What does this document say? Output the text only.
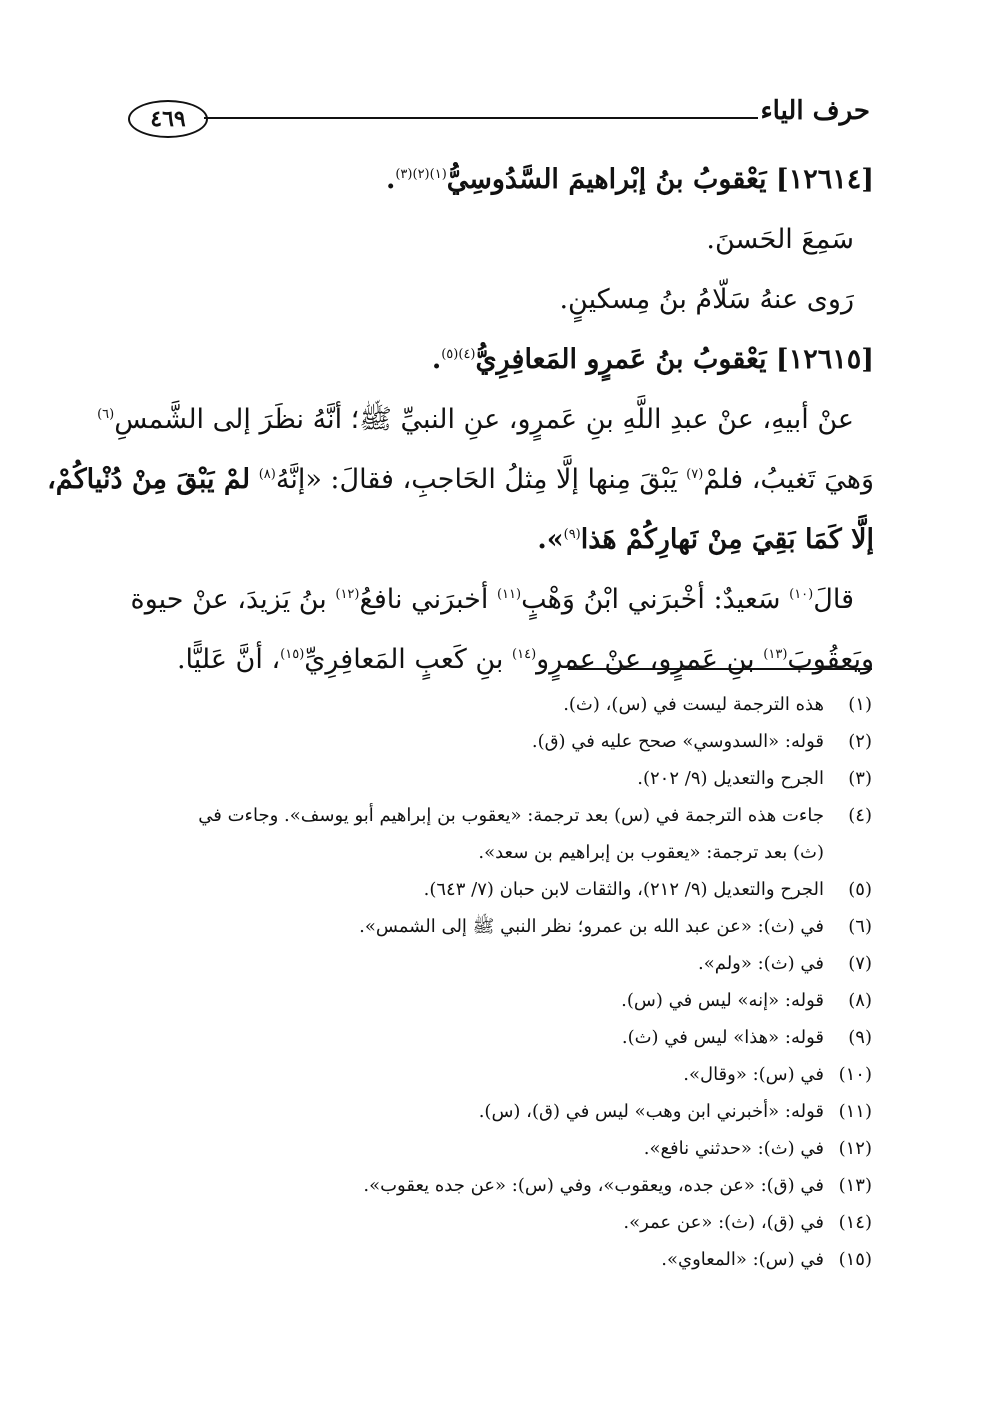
حرف الياء
٤٦٩
[١٢٦١٤] يَعْقوبُ بنُ إبْراهيمَ السَّدُوسِيُّ$^{(١)(٢)(٣)}$.
سَمِعَ الحَسنَ.
رَوى عنهُ سَلّامُ بنُ مِسكينٍ.
[١٢٦١٥] يَعْقوبُ بنُ عَمرٍو المَعافِرِيُّ$^{(٤)(٥)}$.
عنْ أبيهِ، عنْ عبدِ اللَّهِ بنِ عَمرٍو، عنِ النبيِّ ﷺ؛ أنَّهُ نظَرَ إلى الشَّمسِ$^{(٦)}$
وَهيَ تَغيبُ، فلمْ$^{(٧)}$ يَبْقَ مِنها إلَّا مِثلُ الحَاجبِ، فقالَ: «إنَّهُ$^{(٨)}$ لمْ يَبْقَ مِنْ دُنْياكُمْ،
إلَّا كَمَا بَقِيَ مِنْ نَهارِكُمْ هَذا$^{(٩)}$».
قالَ$^{(١٠)}$ سَعيدٌ: أخْبرَني ابْنُ وَهْبٍ$^{(١١)}$ أخبرَني نافعُ$^{(١٢)}$ بنُ يَزيدَ، عنْ حيوة
ويَعقُوبَ$^{(١٣)}$ بنِ عَمرٍو، عنْ عمرٍو$^{(١٤)}$ بنِ كَعبٍ المَعافِرِيِّ$^{(١٥)}$، أنَّ عَليًّا.
(١)
هذه الترجمة ليست في (س)، (ث).
(٢)
قوله: «السدوسي» صحح عليه في (ق).
(٣)
الجرح والتعديل (٩/ ٢٠٢).
(٤)
جاءت هذه الترجمة في (س) بعد ترجمة: «يعقوب بن إبراهيم أبو يوسف». وجاءت في
(ث) بعد ترجمة: «يعقوب بن إبراهيم بن سعد».
(٥)
الجرح والتعديل (٩/ ٢١٢)، والثقات لابن حبان (٧/ ٦٤٣).
(٦)
في (ث): «عن عبد الله بن عمرو؛ نظر النبي ﷺ إلى الشمس».
(٧)
في (ث): «ولم».
(٨)
قوله: «إنه» ليس في (س).
(٩)
قوله: «هذا» ليس في (ث).
(١٠)
في (س): «وقال».
(١١)
قوله: «أخبرني ابن وهب» ليس في (ق)، (س).
(١٢)
في (ث): «حدثني نافع».
(١٣)
في (ق): «عن جده، ويعقوب»، وفي (س): «عن جده يعقوب».
(١٤)
في (ق)، (ث): «عن عمر».
(١٥)
في (س): «المعاوي».
